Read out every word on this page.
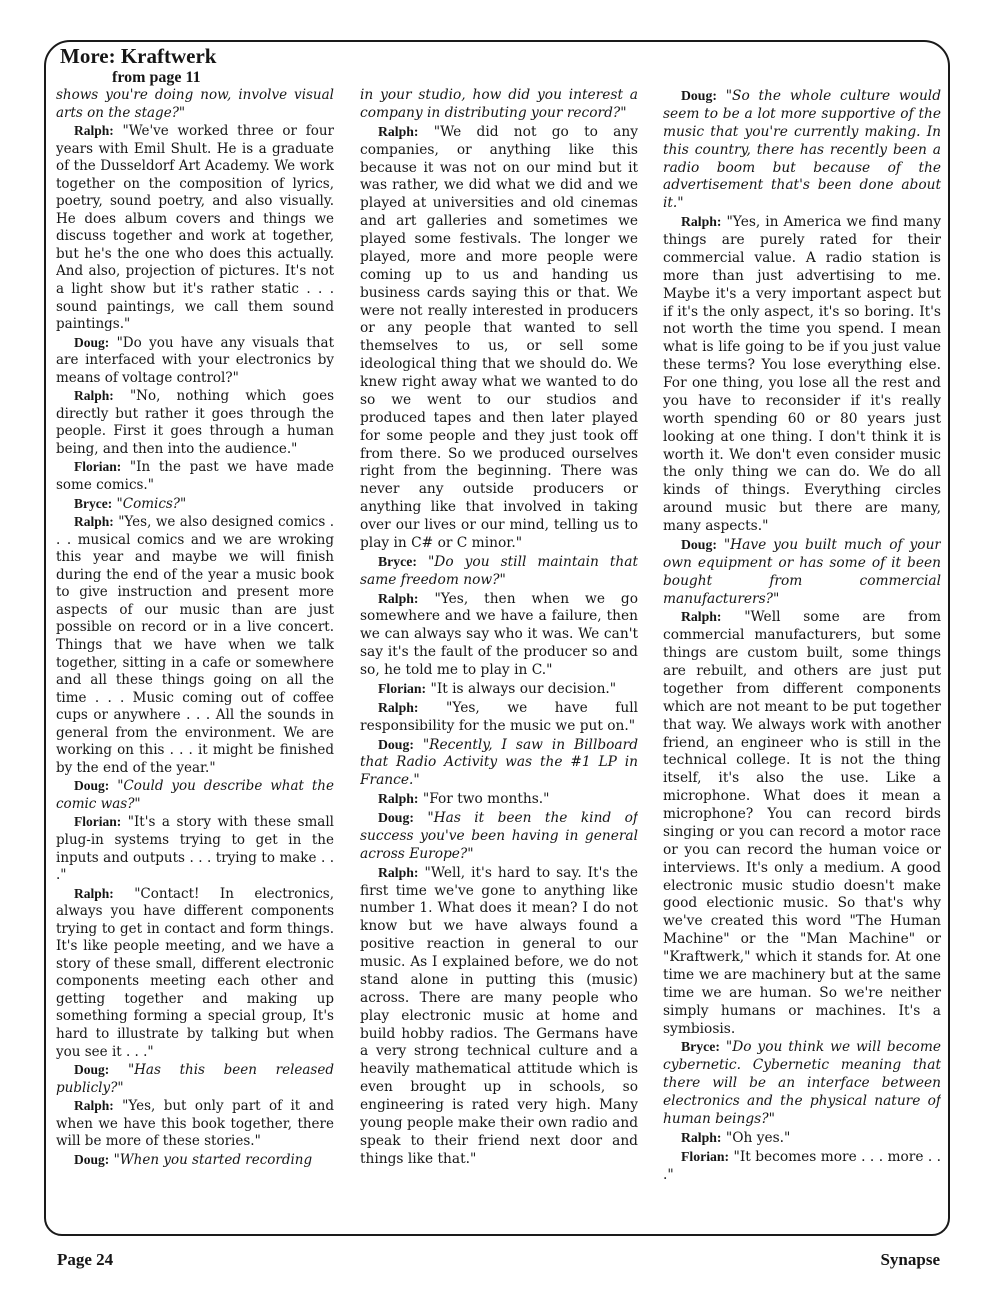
More: Kraftwerk
from page 11

shows you're doing now, involve visual arts on the stage?"

Ralph: "We've worked three or four years with Emil Shult. He is a graduate of the Dusseldorf Art Academy. We work together on the composition of lyrics, poetry, sound poetry, and also visually. He does album covers and things we discuss together and work at together, but he's the one who does this actually. And also, projection of pictures. It's not a light show but it's rather static . . . sound paintings, we call them sound paintings."

Doug: "Do you have any visuals that are interfaced with your electronics by means of voltage control?"

Ralph: "No, nothing which goes directly but rather it goes through the people. First it goes through a human being, and then into the audience."

Florian: "In the past we have made some comics."

Bryce: "Comics?"

Ralph: "Yes, we also designed comics . . . musical comics and we are wroking this year and maybe we will finish during the end of the year a music book to give instruction and present more aspects of our music than are just possible on record or in a live concert. Things that we have when we talk together, sitting in a cafe or somewhere and all these things going on all the time . . . Music coming out of coffee cups or anywhere . . . All the sounds in general from the environment. We are working on this . . . it might be finished by the end of the year."

Doug: "Could you describe what the comic was?"

Florian: "It's a story with these small plug-in systems trying to get in the inputs and outputs . . . trying to make . . ."

Ralph: "Contact! In electronics, always you have different components trying to get in contact and form things. It's like people meeting, and we have a story of these small, different electronic components meeting each other and getting together and making up something forming a special group, It's hard to illustrate by talking but when you see it . . ."

Doug: "Has this been released publicly?"

Ralph: "Yes, but only part of it and when we have this book together, there will be more of these stories."

Doug: "When you started recording

in your studio, how did you interest a company in distributing your record?"

Ralph: "We did not go to any companies, or anything like this because it was not on our mind but it was rather, we did what we did and we played at universities and old cinemas and art galleries and sometimes we played some festivals. The longer we played, more and more people were coming up to us and handing us business cards saying this or that. We were not really interested in producers or any people that wanted to sell themselves to us, or sell some ideological thing that we should do. We knew right away what we wanted to do so we went to our studios and produced tapes and then later played for some people and they just took off from there. So we produced ourselves right from the beginning. There was never any outside producers or anything like that involved in taking over our lives or our mind, telling us to play in C# or C minor."

Bryce: "Do you still maintain that same freedom now?"

Ralph: "Yes, then when we go somewhere and we have a failure, then we can always say who it was. We can't say it's the fault of the producer so and so, he told me to play in C."

Florian: "It is always our decision."

Ralph: "Yes, we have full responsibility for the music we put on."

Doug: "Recently, I saw in Billboard that Radio Activity was the #1 LP in France."

Ralph: "For two months."

Doug: "Has it been the kind of success you've been having in general across Europe?"

Ralph: "Well, it's hard to say. It's the first time we've gone to anything like number 1. What does it mean? I do not know but we have always found a positive reaction in general to our music. As I explained before, we do not stand alone in putting this (music) across. There are many people who play electronic music at home and build hobby radios. The Germans have a very strong technical culture and a heavily mathematical attitude which is even brought up in schools, so engineering is rated very high. Many young people make their own radio and speak to their friend next door and things like that."

Doug: "So the whole culture would seem to be a lot more supportive of the music that you're currently making. In this country, there has recently been a radio boom but because of the advertisement that's been done about it."

Ralph: "Yes, in America we find many things are purely rated for their commercial value. A radio station is more than just advertising to me. Maybe it's a very important aspect but if it's the only aspect, it's so boring. It's not worth the time you spend. I mean what is life going to be if you just value these terms? You lose everything else. For one thing, you lose all the rest and you have to reconsider if it's really worth spending 60 or 80 years just looking at one thing. I don't think it is worth it. We don't even consider music the only thing we can do. We do all kinds of things. Everything circles around music but there are many, many aspects."

Doug: "Have you built much of your own equipment or has some of it been bought from commercial manufacturers?"

Ralph: "Well some are from commercial manufacturers, but some things are custom built, some things are rebuilt, and others are just put together from different components which are not meant to be put together that way. We always work with another friend, an engineer who is still in the technical college. It is not the thing itself, it's also the use. Like a microphone. What does it mean a microphone? You can record birds singing or you can record a motor race or you can record the human voice or interviews. It's only a medium. A good electronic music studio doesn't make good electionic music. So that's why we've created this word "The Human Machine" or the "Man Machine" or "Kraftwerk," which it stands for. At one time we are machinery but at the same time we are human. So we're neither simply humans or machines. It's a symbiosis.

Bryce: "Do you think we will become cybernetic. Cybernetic meaning that there will be an interface between electronics and the physical nature of human beings?"

Ralph: "Oh yes."

Florian: "It becomes more . . . more . . ."

Page 24	Synapse
